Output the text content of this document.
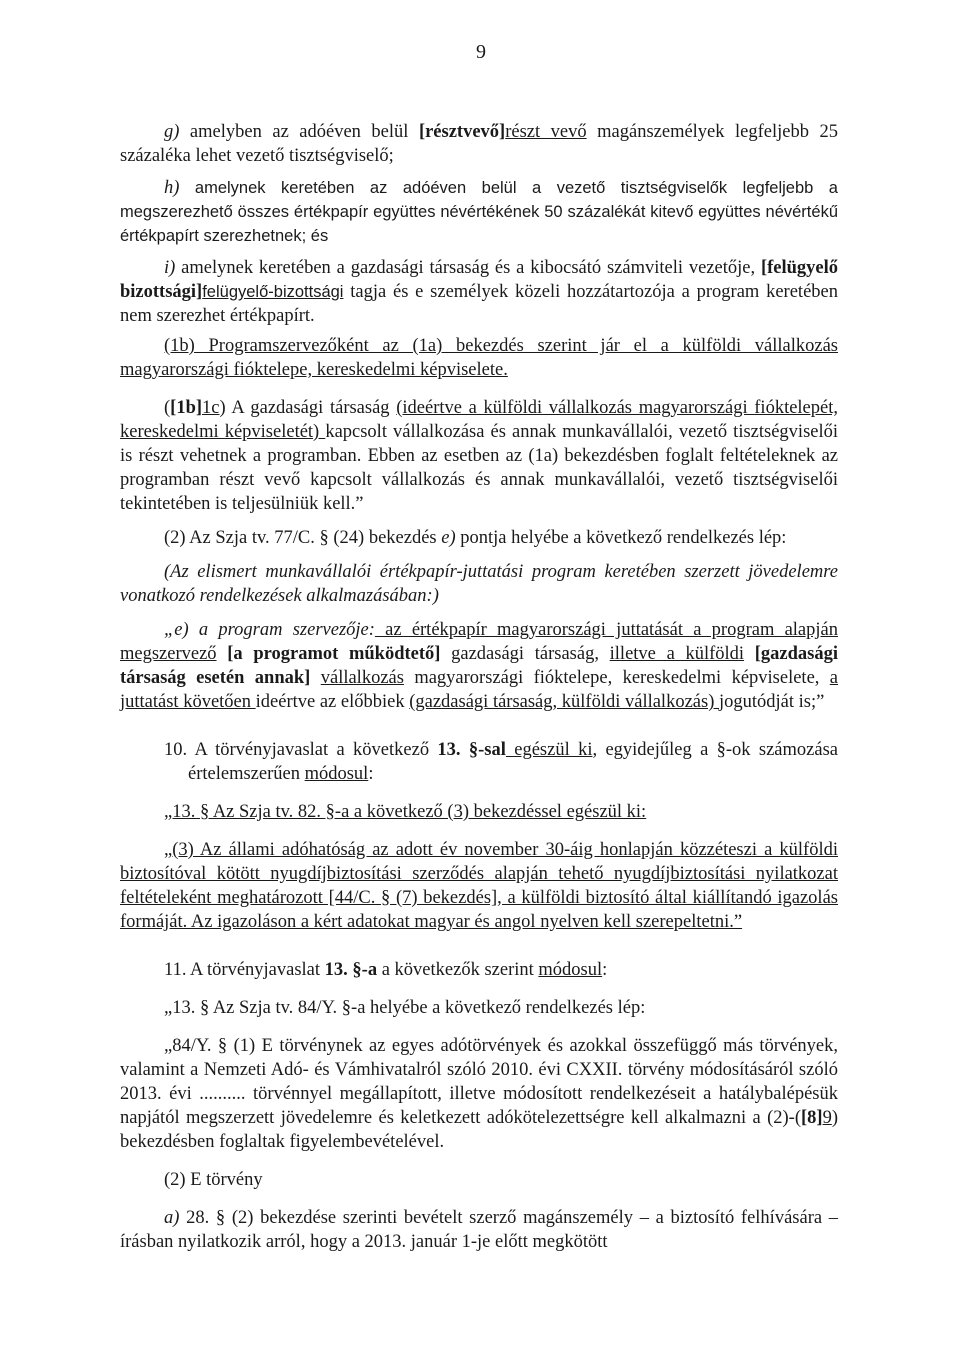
9

g) amelyben az adóéven belül [résztvevő]részt vevő magánszemélyek legfeljebb 25 százaléka lehet vezető tisztségviselő;

h) amelynek keretében az adóéven belül a vezető tisztségviselők legfeljebb a megszerezhető összes értékpapír együttes névértékének 50 százalékát kitevő együttes névértékű értékpapírt szerezhetnek; és

i) amelynek keretében a gazdasági társaság és a kibocsátó számviteli vezetője, [felügyelő bizottsági]felügyelő-bizottsági tagja és e személyek közeli hozzátartozója a program keretében nem szerezhet értékpapírt.

(1b) Programszervezőként az (1a) bekezdés szerint jár el a külföldi vállalkozás magyarországi fióktelepe, kereskedelmi képviselete.

([1b]1c) A gazdasági társaság (ideértve a külföldi vállalkozás magyarországi fióktelepét, kereskedelmi képviseletét) kapcsolt vállalkozása és annak munkavállalói, vezető tisztségviselői is részt vehetnek a programban. Ebben az esetben az (1a) bekezdésben foglalt feltételeknek az programban részt vevő kapcsolt vállalkozás és annak munkavállalói, vezető tisztségviselői tekintetében is teljesülniük kell.”

(2) Az Szja tv. 77/C. § (24) bekezdés e) pontja helyébe a következő rendelkezés lép:

(Az elismert munkavállalói értékpapír-juttatási program keretében szerzett jövedelemre vonatkozó rendelkezések alkalmazásában:)

„e) a program szervezője: az értékpapír magyarországi juttatását a program alapján megszervező [a programot működtető] gazdasági társaság, illetve a külföldi [gazdasági társaság esetén annak] vállalkozás magyarországi fióktelepe, kereskedelmi képviselete, a juttatást követően ideértve az előbbiek (gazdasági társaság, külföldi vállalkozás) jogutódját is;”

10. A törvényjavaslat a következő 13. §-sal egészül ki, egyidejűleg a §-ok számozása értelemszerűen módosul:

„13. § Az Szja tv. 82. §-a a következő (3) bekezdéssel egészül ki:

„(3) Az állami adóhatóság az adott év november 30-áig honlapján közzéteszi a külföldi biztosítóval kötött nyugdíjbiztosítási szerződés alapján tehető nyugdíjbiztosítási nyilatkozat feltételeként meghatározott [44/C. § (7) bekezdés], a külföldi biztosító által kiállítandó igazolás formáját. Az igazoláson a kért adatokat magyar és angol nyelven kell szerepeltetni.”

11. A törvényjavaslat 13. §-a a következők szerint módosul:

„13. § Az Szja tv. 84/Y. §-a helyébe a következő rendelkezés lép:

„84/Y. § (1) E törvénynek az egyes adótörvények és azokkal összefüggő más törvények, valamint a Nemzeti Adó- és Vámhivatalról szóló 2010. évi CXXII. törvény módosításáról szóló 2013. évi .......... törvénnyel megállapított, illetve módosított rendelkezéseit a hatálybalépésük napjától megszerzett jövedelemre és keletkezett adókötelezettségre kell alkalmazni a (2)-([8]9) bekezdésben foglaltak figyelembevételével.

(2) E törvény

a) 28. § (2) bekezdése szerinti bevételt szerző magánszemély – a biztosító felhívására – írásban nyilatkozik arról, hogy a 2013. január 1-je előtt megkötött
